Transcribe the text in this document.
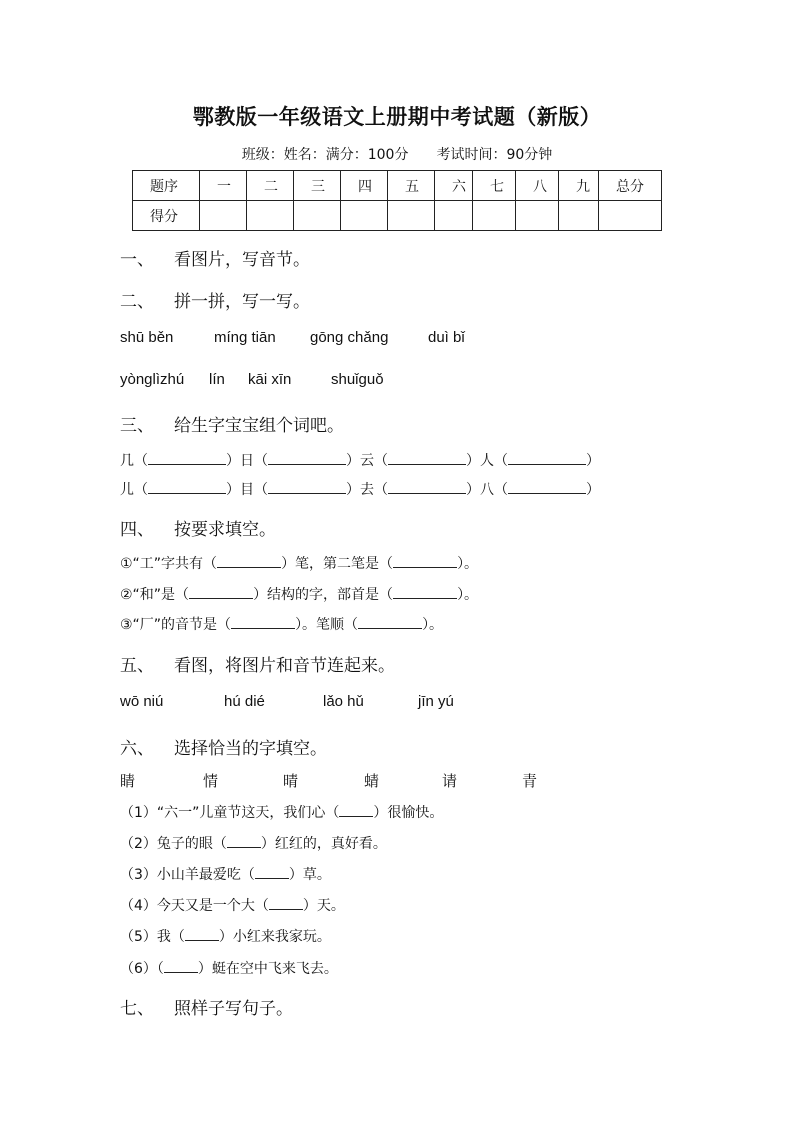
鄂教版一年级语文上册期中考试题（新版）
班级：姓名：满分：100分　　考试时间：90分钟
题序	一	二	三	四	五	六	七	八	九	总分
得分										
一、 看图片，写音节。
二、 拼一拼，写一写。
shū běn	míng tiān gōng chǎng	duì bǐ
yònglìzhú lín kāi xīn	shuǐguǒ
三、 给生字宝宝组个词吧。
几（	）日（	）云（	）人（	）
儿（	）目（	）去（	）八（	）
四、 按要求填空。
①“工”字共有（	）笔，第二笔是（	）。
②“和”是（	）结构的字，部首是（	）。
③“厂”的音节是（	）。笔顺（	）。
五、 看图，将图片和音节连起来。
wō niú	hú dié	lǎo hǔ	jīn yú
六、 选择恰当的字填空。
睛	情	晴	蜻	请	青
（1）“六一”儿童节这天，我们心（ ）很愉快。
（2）兔子的眼（ ）红红的，真好看。
（3）小山羊最爱吃（ ）草。
（4）今天又是一个大（ ）天。
（5）我（ ）小红来我家玩。
（6）（ ）蜓在空中飞来飞去。
七、 照样子写句子。
